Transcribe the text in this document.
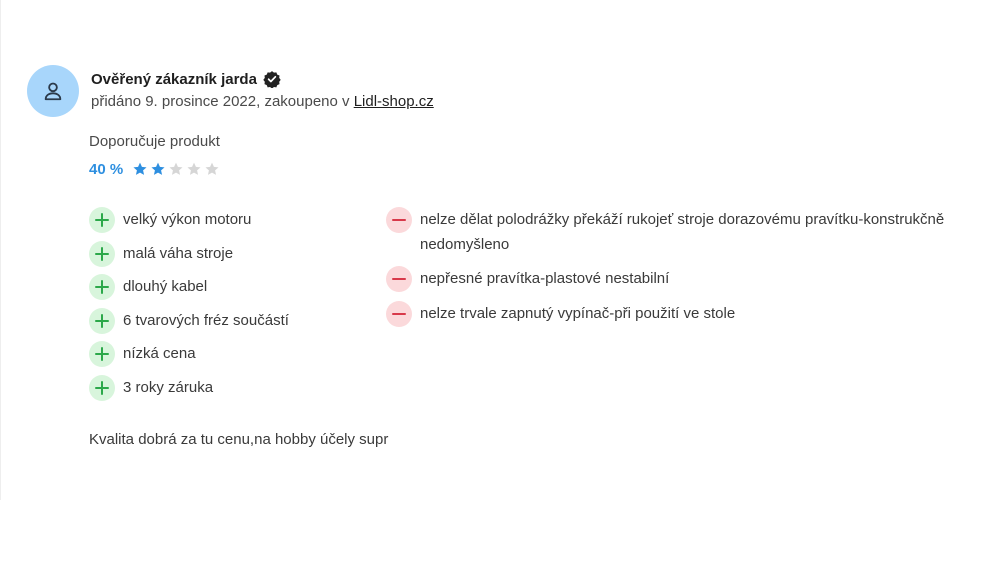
Ověřený zákazník jarda
přidáno 9. prosince 2022, zakoupeno v Lidl-shop.cz
Doporučuje produkt
40 %
velký výkon motoru
malá váha stroje
dlouhý kabel
6 tvarových fréz součástí
nízká cena
3 roky záruka
nelze dělat polodrážky překáží rukojeť stroje dorazovému pravítku-konstrukčně nedomyšleno
nepřesné pravítka-plastové nestabilní
nelze trvale zapnutý vypínač-při použití ve stole
Kvalita dobrá za tu cenu,na hobby účely supr
